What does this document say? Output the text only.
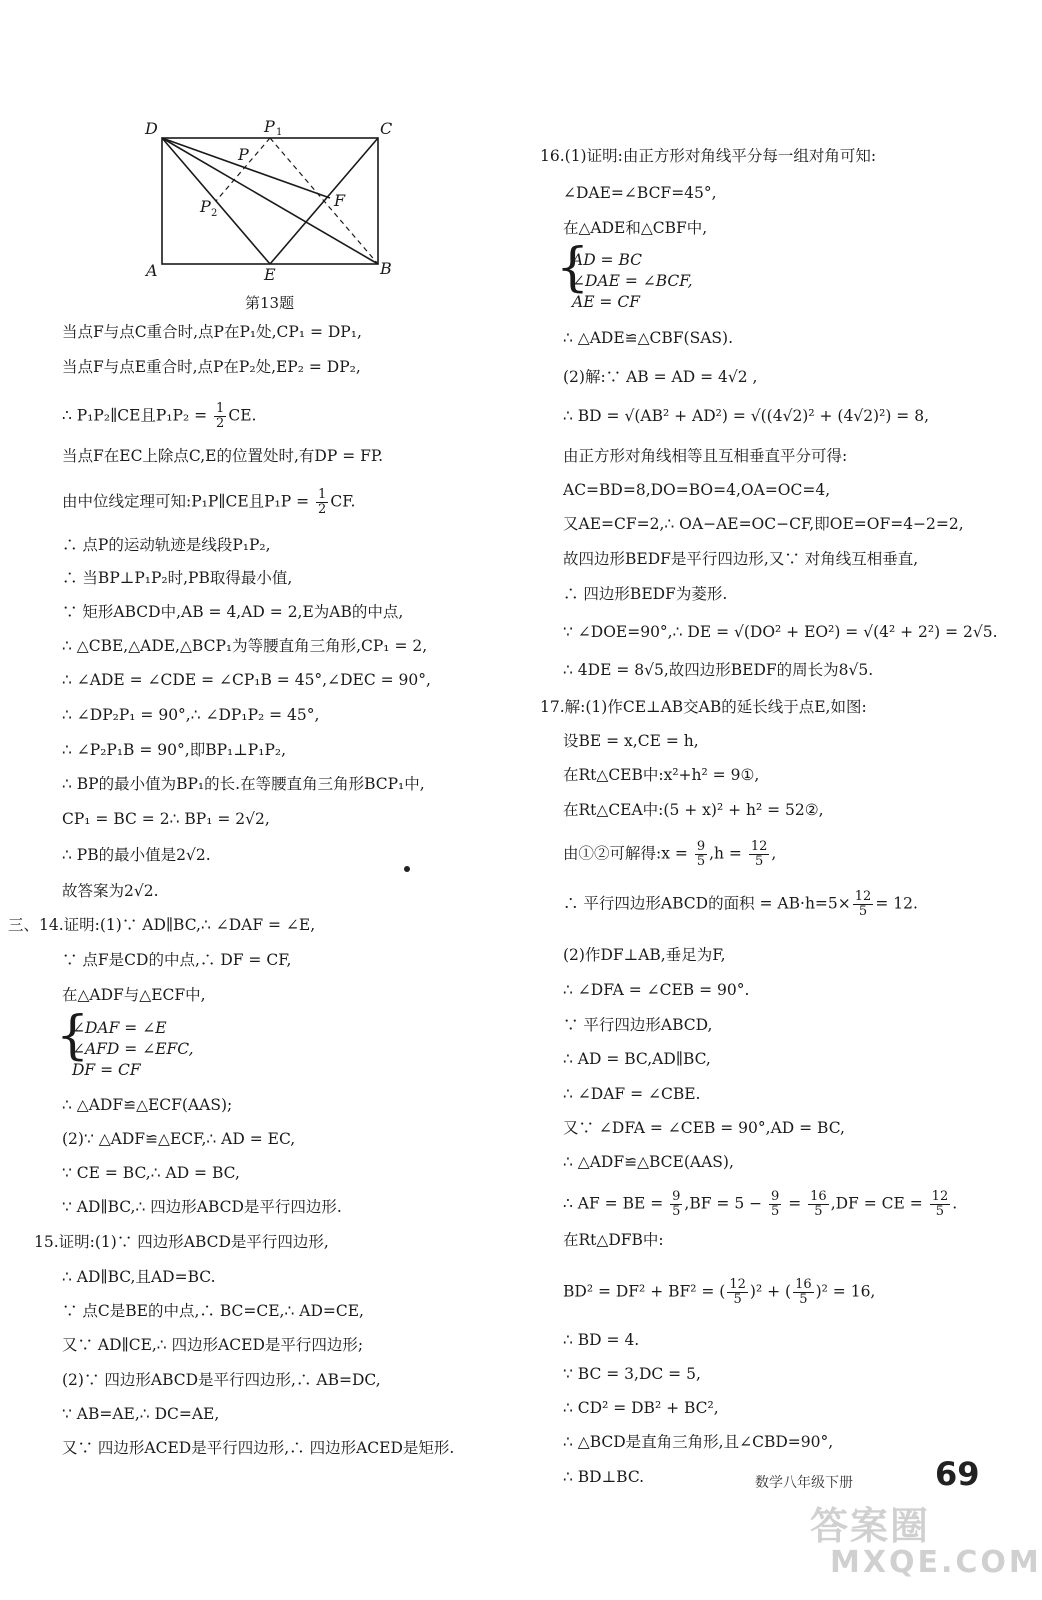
D	P 1	C
P
P 2
F
A	E	B
第13题
当点F与点C重合时,点P在P₁处,CP₁ = DP₁,
当点F与点E重合时,点P在P₂处,EP₂ = DP₂,
∴ P₁P₂∥CE且$P_1P_2 = \frac{1}{2}$ CE.
当点F在EC上除点C,E的位置处时,有DP = FP.
由中位线定理可知:P₁P∥CE且$P_1P = \frac{1}{2}$ CF.
∴ 点P的运动轨迹是线段P₁P₂,
∴ 当BP⊥P₁P₂时,PB取得最小值,
∵ 矩形ABCD中,AB = 4,AD = 2,E为AB的中点,
∴ △CBE,△ADE,△BCP₁为等腰直角三角形,CP₁ = 2,
∴ ∠ADE = ∠CDE = ∠CP₁B = 45°,∠DEC = 90°,
∴ ∠DP₂P₁ = 90°,∴ ∠DP₁P₂ = 45°,
∴ ∠P₂P₁B = 90°,即BP₁⊥P₁P₂,
∴ BP的最小值为BP₁的长.在等腰直角三角形BCP₁中,
CP₁ = BC = 2∴ BP₁ = 2√2,
∴ PB的最小值是2√2.
故答案为2√2.
三、14.证明:(1)∵ AD∥BC,∴ ∠DAF = ∠E,
∵ 点F是CD的中点,∴ DF = CF,
在△ADF与△ECF中,
{
∠DAF = ∠E
∠AFD = ∠EFC,
DF = CF
∴ △ADF≌△ECF(AAS);
(2)∵ △ADF≌△ECF,∴ AD = EC,
∵ CE = BC,∴ AD = BC,
∵ AD∥BC,∴ 四边形ABCD是平行四边形.
15.证明:(1)∵ 四边形ABCD是平行四边形,
∴ AD∥BC,且AD=BC.
∵ 点C是BE的中点,∴ BC=CE,∴ AD=CE,
又∵ AD∥CE,∴ 四边形ACED是平行四边形;
(2)∵ 四边形ABCD是平行四边形,∴ AB=DC,
∵ AB=AE,∴ DC=AE,
又∵ 四边形ACED是平行四边形,∴ 四边形ACED是矩形.
16.(1)证明:由正方形对角线平分每一组对角可知:
∠DAE=∠BCF=45°,
在△ADE和△CBF中,
{
AD = BC
∠DAE = ∠BCF,
AE = CF
∴ △ADE≌△CBF(SAS).
(2)解:∵ AB = AD = 4√2 ,
∴ BD = √(AB² + AD²) = √((4√2)² + (4√2)²) = 8,
由正方形对角线相等且互相垂直平分可得:
AC=BD=8,DO=BO=4,OA=OC=4,
又AE=CF=2,∴ OA−AE=OC−CF,即OE=OF=4−2=2,
故四边形BEDF是平行四边形,又∵ 对角线互相垂直,
∴ 四边形BEDF为菱形.
∵ ∠DOE=90°,∴ DE = √(DO² + EO²) = √(4² + 2²) = 2√5.
∴ 4DE = 8√5,故四边形BEDF的周长为8√5.
17.解:(1)作CE⊥AB交AB的延长线于点E,如图:
设BE = x,CE = h,
在Rt△CEB中:x²+h² = 9①,
在Rt△CEA中:(5 + x)² + h² = 52②,
由①②可解得:x = $\frac{9}{5} ,h = \frac{12}{5}$ ,
∴ 平行四边形ABCD的面积 = $AB\cdot h=5\times \frac{12}{5} = 12$.
(2)作DF⊥AB,垂足为F,
∴ ∠DFA = ∠CEB = 90°.
∵ 平行四边形ABCD,
∴ AD = BC,AD∥BC,
∴ ∠DAF = ∠CBE.
又∵ ∠DFA = ∠CEB = 90°,AD = BC,
∴ △ADF≌△BCE(AAS),
∴ AF = BE = $\frac{9}{5} ,BF = 5 - \frac{9}{5} = \frac{16}{5} ,DF$ = CE = $\frac{12}{5}$ .
在Rt△DFB中:
BD² = DF² + BF² = ( $\frac{12}{5} )^2$ + ( $\frac{16}{5} )^2 = 16$,
∴ BD = 4.
∵ BC = 3,DC = 5,
∴ CD² = DB² + BC²,
∴ △BCD是直角三角形,且∠CBD=90°,
∴ BD⊥BC.	数学八年级下册	69
答案圈
MXQE.COM
